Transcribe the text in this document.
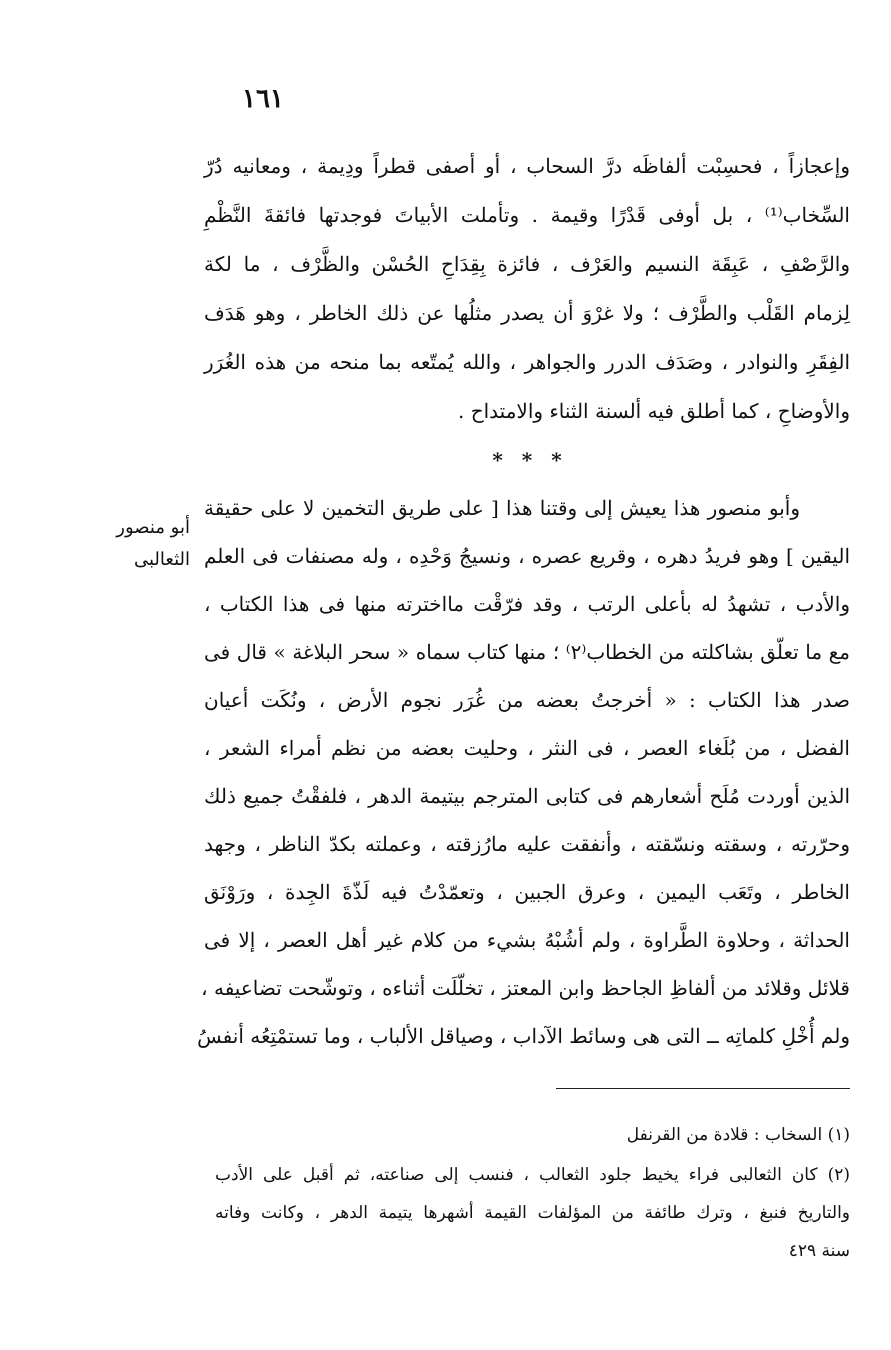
١٦١
وإعجازاً ، فحسِبْت ألفاظَه درَّ السحاب ، أو أصفى قطراً ودِيمة ، ومعانيه دُرّ
السِّخاب⁽¹⁾ ، بل أوفى قَدْرًا وقيمة . وتأملت الأبياتَ فوجدتها فائقةَ النَّظْمِ
والرَّصْفِ ، عَبِقَة النسيم والعَرْف ، فائزة بِقِدَاحِ الحُسْن والظَّرْف ، ما لكة
لِزمام القَلْب والطَّرْف ؛ ولا غرْوَ أن يصدر مثلُها عن ذلك الخاطر ، وهو هَدَف
الفِقَرِ والنوادر ، وصَدَف الدرر والجواهر ، والله يُمتّعه بما منحه من هذه الغُرَر
والأوضاحِ ، كما أطلق فيه ألسنة الثناء والامتداح .
* * *
أبو منصور
الثعالبى
وأبو منصور هذا يعيش إلى وقتنا هذا [ على طريق التخمين لا على حقيقة
اليقين ] وهو فريدُ دهره ، وقريع عصره ، ونسيجُ وَحْدِه ، وله مصنفات فى العلم
والأدب ، تشهدُ له بأعلى الرتب ، وقد فرّقْت مااخترته منها فى هذا الكتاب ،
مع ما تعلّق بشاكلته من الخطاب⁽٢⁾ ؛ منها كتاب سماه « سحر البلاغة » قال فى
صدر هذا الكتاب : « أخرجتُ بعضه من غُرَر نجوم الأرض ، ونُكَت أعيان
الفضل ، من بُلَغاء العصر ، فى النثر ، وحليت بعضه من نظم أمراء الشعر ،
الذين أوردت مُلَح أشعارهم فى كتابى المترجم بيتيمة الدهر ، فلفقْتُ جميع ذلك
وحرّرته ، وسقته ونسّقته ، وأنفقت عليه مارُزقته ، وعملته بكدّ الناظر ، وجهد
الخاطر ، وتَعَب اليمين ، وعرق الجبين ، وتعمّدْتُ فيه لَذّةَ الجِدة ، ورَوْنَق
الحداثة ، وحلاوة الطَّراوة ، ولم أشُبْهُ بشيء من كلام غير أهل العصر ، إلا فى
قلائل وقلائد من ألفاظِ الجاحظ وابن المعتز ، تخلّلَت أثناءه ، وتوشّحت تضاعيفه ،
ولم أُخْلِ كلماتِه ــ التى هى وسائط الآداب ، وصياقل الألباب ، وما تستمْتِعُه أنفسُ
(١) السخاب : قلادة من القرنفل
(٢) كان الثعالبى فراء يخيط جلود الثعالب ، فنسب إلى صناعته، ثم أقبل على الأدب
والتاريخ فنبغ ، وترك طائفة من المؤلفات القيمة أشهرها يتيمة الدهر ، وكانت وفاته
سنة ٤٢٩
